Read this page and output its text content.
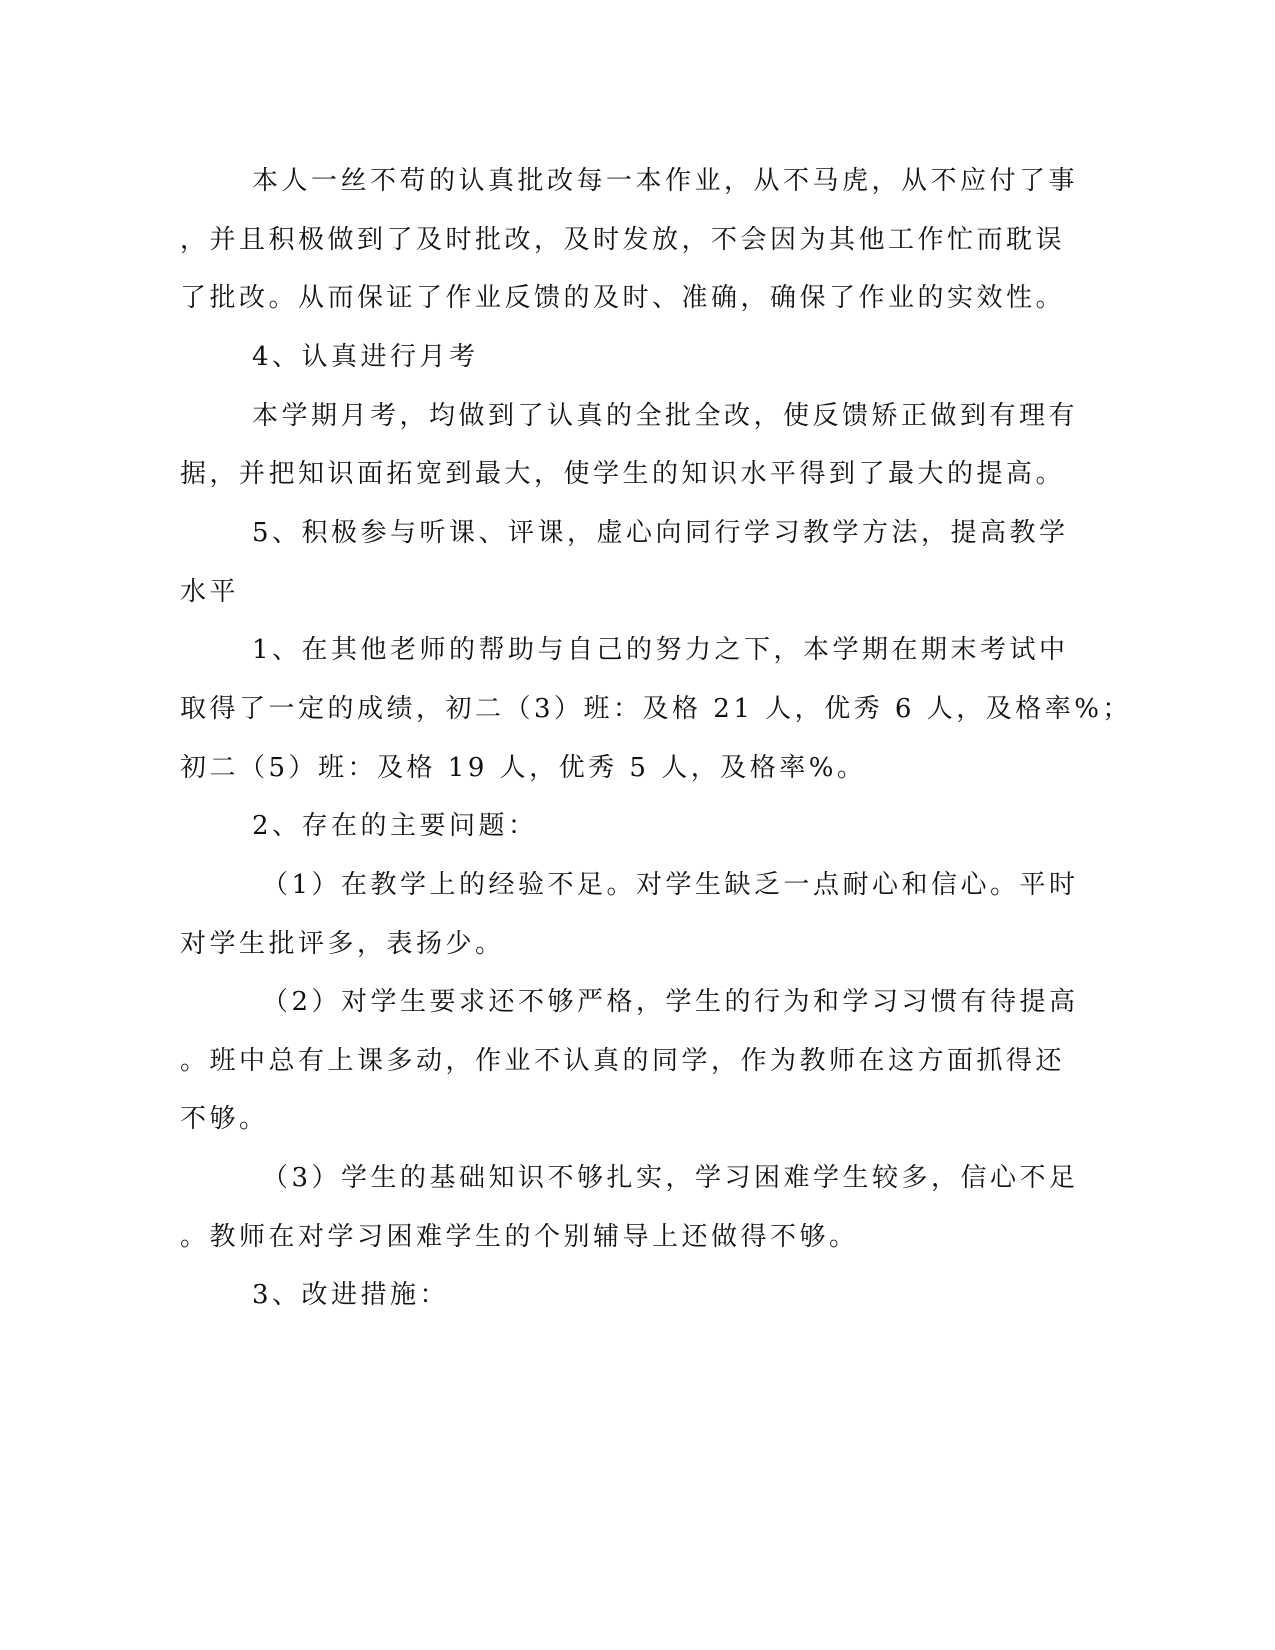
本人一丝不苟的认真批改每一本作业，从不马虎，从不应付了事
，并且积极做到了及时批改，及时发放，不会因为其他工作忙而耽误
了批改。从而保证了作业反馈的及时、准确，确保了作业的实效性。
4、认真进行月考
本学期月考，均做到了认真的全批全改，使反馈矫正做到有理有
据，并把知识面拓宽到最大，使学生的知识水平得到了最大的提高。
5、积极参与听课、评课，虚心向同行学习教学方法，提高教学
水平
1、在其他老师的帮助与自己的努力之下，本学期在期末考试中
取得了一定的成绩，初二（3）班：及格 21 人，优秀 6 人，及格率%；
初二（5）班：及格 19 人，优秀 5 人，及格率%。
2、存在的主要问题：
（1）在教学上的经验不足。对学生缺乏一点耐心和信心。平时
对学生批评多，表扬少。
（2）对学生要求还不够严格，学生的行为和学习习惯有待提高
。班中总有上课多动，作业不认真的同学，作为教师在这方面抓得还
不够。
（3）学生的基础知识不够扎实，学习困难学生较多，信心不足
。教师在对学习困难学生的个别辅导上还做得不够。
3、改进措施：
